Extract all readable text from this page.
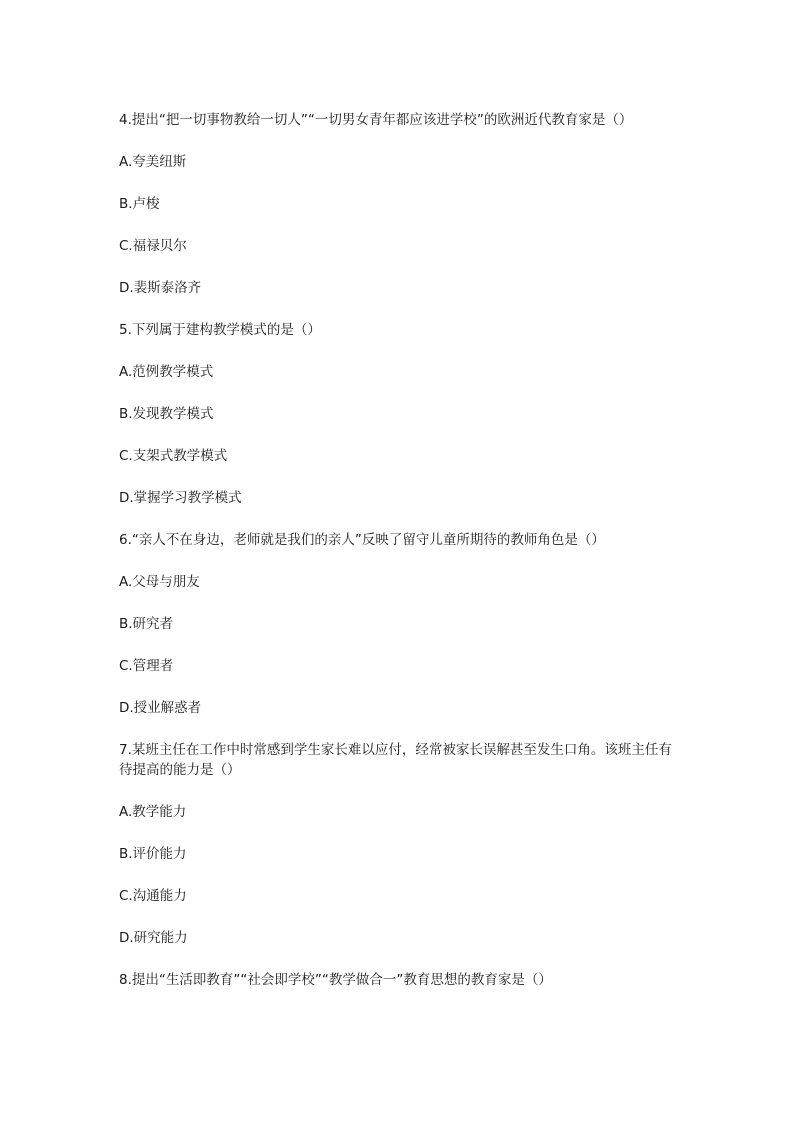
4.提出“把一切事物教给一切人”“一切男女青年都应该进学校”的欧洲近代教育家是（）

A.夸美纽斯

B.卢梭

C.福禄贝尔

D.裴斯泰洛齐

5.下列属于建构教学模式的是（）

A.范例教学模式

B.发现教学模式

C.支架式教学模式

D.掌握学习教学模式

6.“亲人不在身边，老师就是我们的亲人”反映了留守儿童所期待的教师角色是（）

A.父母与朋友

B.研究者

C.管理者

D.授业解惑者

7.某班主任在工作中时常感到学生家长难以应付，经常被家长误解甚至发生口角。该班主任有待提高的能力是（）

A.教学能力

B.评价能力

C.沟通能力

D.研究能力

8.提出“生活即教育”“社会即学校”“教学做合一”教育思想的教育家是（）
